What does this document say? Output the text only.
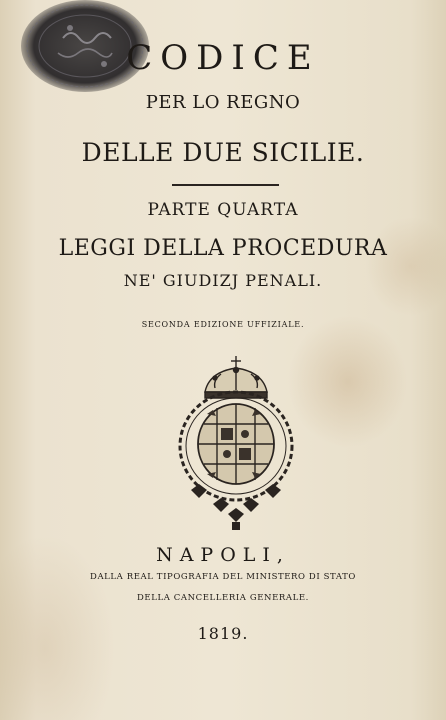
CODICE
PER LO REGNO
DELLE DUE SICILIE.
PARTE QUARTA
LEGGI DELLA PROCEDURA
NE' GIUDIZJ PENALI.
SECONDA EDIZIONE UFFIZIALE.
NAPOLI,
DALLA REAL TIPOGRAFIA DEL MINISTERO DI STATO
DELLA CANCELLERIA GENERALE.
1819.
